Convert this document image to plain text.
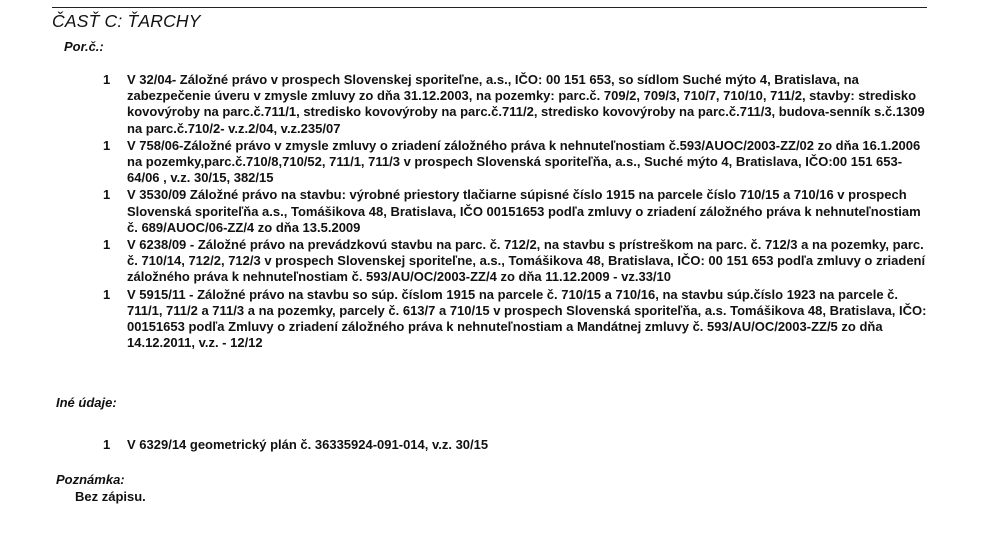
ČASŤ C: ŤARCHY
Por.č.:
1 V 32/04- Záložné právo v prospech Slovenskej sporiteľne, a.s., IČO: 00 151 653, so sídlom Suché mýto 4, Bratislava, na zabezpečenie úveru v zmysle zmluvy zo dňa 31.12.2003, na pozemky: parc.č. 709/2, 709/3, 710/7, 710/10, 711/2, stavby: stredisko kovovýroby na parc.č.711/1, stredisko kovovýroby na parc.č.711/2, stredisko kovovýroby na parc.č.711/3, budova-senník s.č.1309 na parc.č.710/2- v.z.2/04, v.z.235/07
1 V 758/06-Záložné právo v zmysle zmluvy o zriadení záložného práva k nehnuteľnostiam č.593/AUOC/2003-ZZ/02 zo dňa 16.1.2006 na pozemky,parc.č.710/8,710/52, 711/1, 711/3 v prospech Slovenská sporiteľňa, a.s., Suché mýto 4, Bratislava, IČO:00 151 653- 64/06 , v.z. 30/15, 382/15
1 V 3530/09 Záložné právo na stavbu: výrobné priestory tlačiarne súpisné číslo 1915 na parcele číslo 710/15 a 710/16 v prospech Slovenská sporiteľňa a.s., Tomášikova 48, Bratislava, IČO 00151653 podľa zmluvy o zriadení záložného práva k nehnuteľnostiam č. 689/AUOC/06-ZZ/4 zo dňa 13.5.2009
1 V 6238/09 - Záložné právo na prevádzkovú stavbu na parc. č. 712/2, na stavbu s prístreškom na parc. č. 712/3 a na pozemky, parc. č. 710/14, 712/2, 712/3 v prospech Slovenskej sporiteľne, a.s., Tomášikova 48, Bratislava, IČO: 00 151 653 podľa zmluvy o zriadení záložného práva k nehnuteľnostiam č. 593/AU/OC/2003-ZZ/4 zo dňa 11.12.2009 - vz.33/10
1 V 5915/11 - Záložné právo na stavbu so súp. číslom 1915 na parcele č. 710/15 a 710/16, na stavbu súp.číslo 1923 na parcele č. 711/1, 711/2 a 711/3 a na pozemky, parcely č. 613/7 a 710/15 v prospech Slovenská sporiteľňa, a.s. Tomášikova 48, Bratislava, IČO: 00151653 podľa Zmluvy o zriadení záložného práva k nehnuteľnostiam a Mandátnej zmluvy č. 593/AU/OC/2003-ZZ/5 zo dňa 14.12.2011, v.z. - 12/12
Iné údaje:
1 V 6329/14 geometrický plán č. 36335924-091-014, v.z. 30/15
Poznámka:
Bez zápisu.
